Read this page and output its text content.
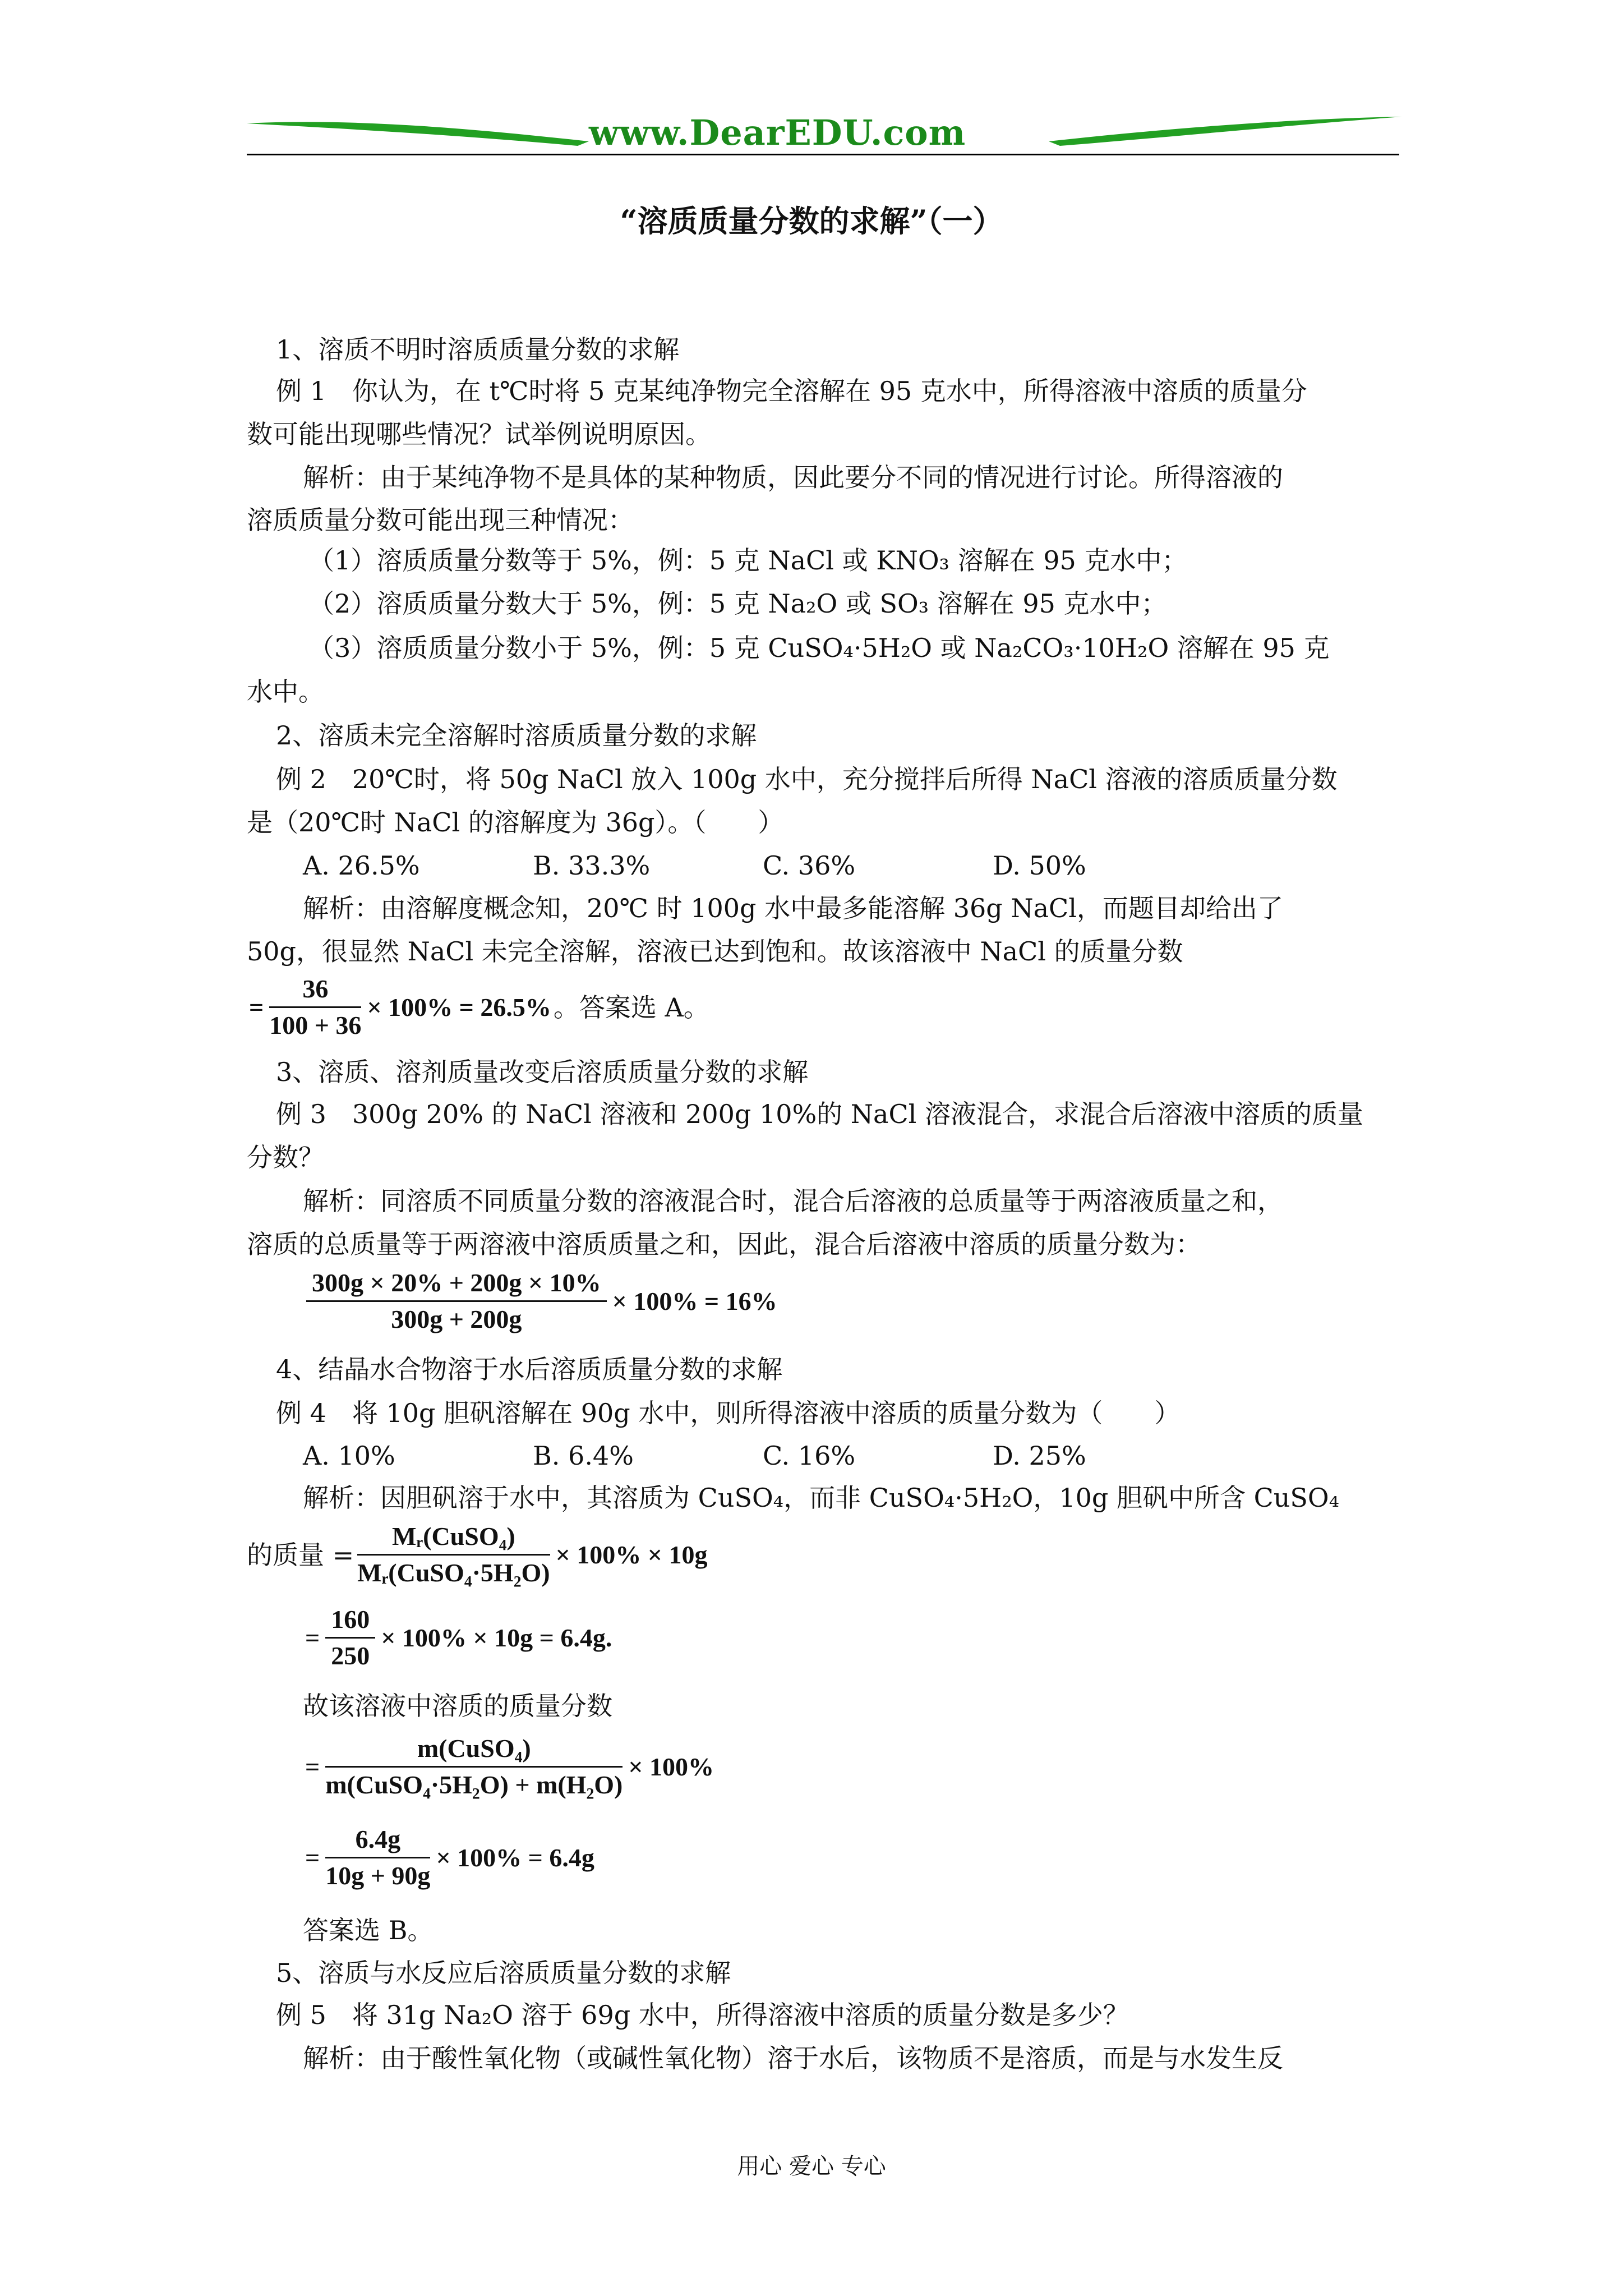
www.DearEDU.com
“溶质质量分数的求解”（一）
1、溶质不明时溶质质量分数的求解
例 1　你认为，在 t℃时将 5 克某纯净物完全溶解在 95 克水中，所得溶液中溶质的质量分
数可能出现哪些情况？试举例说明原因。
解析：由于某纯净物不是具体的某种物质，因此要分不同的情况进行讨论。所得溶液的
溶质质量分数可能出现三种情况：
（1）溶质质量分数等于 5%，例：5 克 NaCl 或 KNO₃ 溶解在 95 克水中；
（2）溶质质量分数大于 5%，例：5 克 Na₂O 或 SO₃ 溶解在 95 克水中；
（3）溶质质量分数小于 5%，例：5 克 CuSO₄·5H₂O 或 Na₂CO₃·10H₂O 溶解在 95 克
水中。
2、溶质未完全溶解时溶质质量分数的求解
例 2　20℃时，将 50g NaCl 放入 100g 水中，充分搅拌后所得 NaCl 溶液的溶质质量分数
是（20℃时 NaCl 的溶解度为 36g）。（　　）
A. 26.5%	B. 33.3%	C. 36%	D. 50%
解析：由溶解度概念知，20℃ 时 100g 水中最多能溶解 36g NaCl，而题目却给出了
50g，很显然 NaCl 未完全溶解，溶液已达到饱和。故该溶液中 NaCl 的质量分数
= $\frac{36}{100 + 36} \times 100\% = 26.5\%$ 。答案选 A。
3、溶质、溶剂质量改变后溶质质量分数的求解
例 3　300g 20% 的 NaCl 溶液和 200g 10%的 NaCl 溶液混合，求混合后溶液中溶质的质量
分数？
解析：同溶质不同质量分数的溶液混合时，混合后溶液的总质量等于两溶液质量之和，
溶质的总质量等于两溶液中溶质质量之和，因此，混合后溶液中溶质的质量分数为：
$\frac{300g \times 20\% + 200g \times 10\%}{300g + 200g} \times 100\% = 16\%$
4、结晶水合物溶于水后溶质质量分数的求解
例 4　将 10g 胆矾溶解在 90g 水中，则所得溶液中溶质的质量分数为（　　）
A. 10%	B. 6.4%	C. 16%	D. 25%
解析：因胆矾溶于水中，其溶质为 CuSO₄，而非 CuSO₄·5H₂O，10g 胆矾中所含 CuSO₄
的质量 = $\frac{\text{Mᵣ(CuSO₄)}}{\text{Mᵣ(CuSO₄·5H₂O)}} \times 100\% \times 10g$
= $\frac{160}{250} \times 100\% \times 10g = 6.4g$.
故该溶液中溶质的质量分数
= $\frac{\text{m(CuSO₄)}}{\text{m(CuSO₄·5H₂O) + m(H₂O)}} \times 100\%$
= $\frac{6.4g}{10g + 90g} \times 100\% = 6.4g$
答案选 B。
5、溶质与水反应后溶质质量分数的求解
例 5　将 31g Na₂O 溶于 69g 水中，所得溶液中溶质的质量分数是多少？
解析：由于酸性氧化物（或碱性氧化物）溶于水后，该物质不是溶质，而是与水发生反
用心 爱心 专心
